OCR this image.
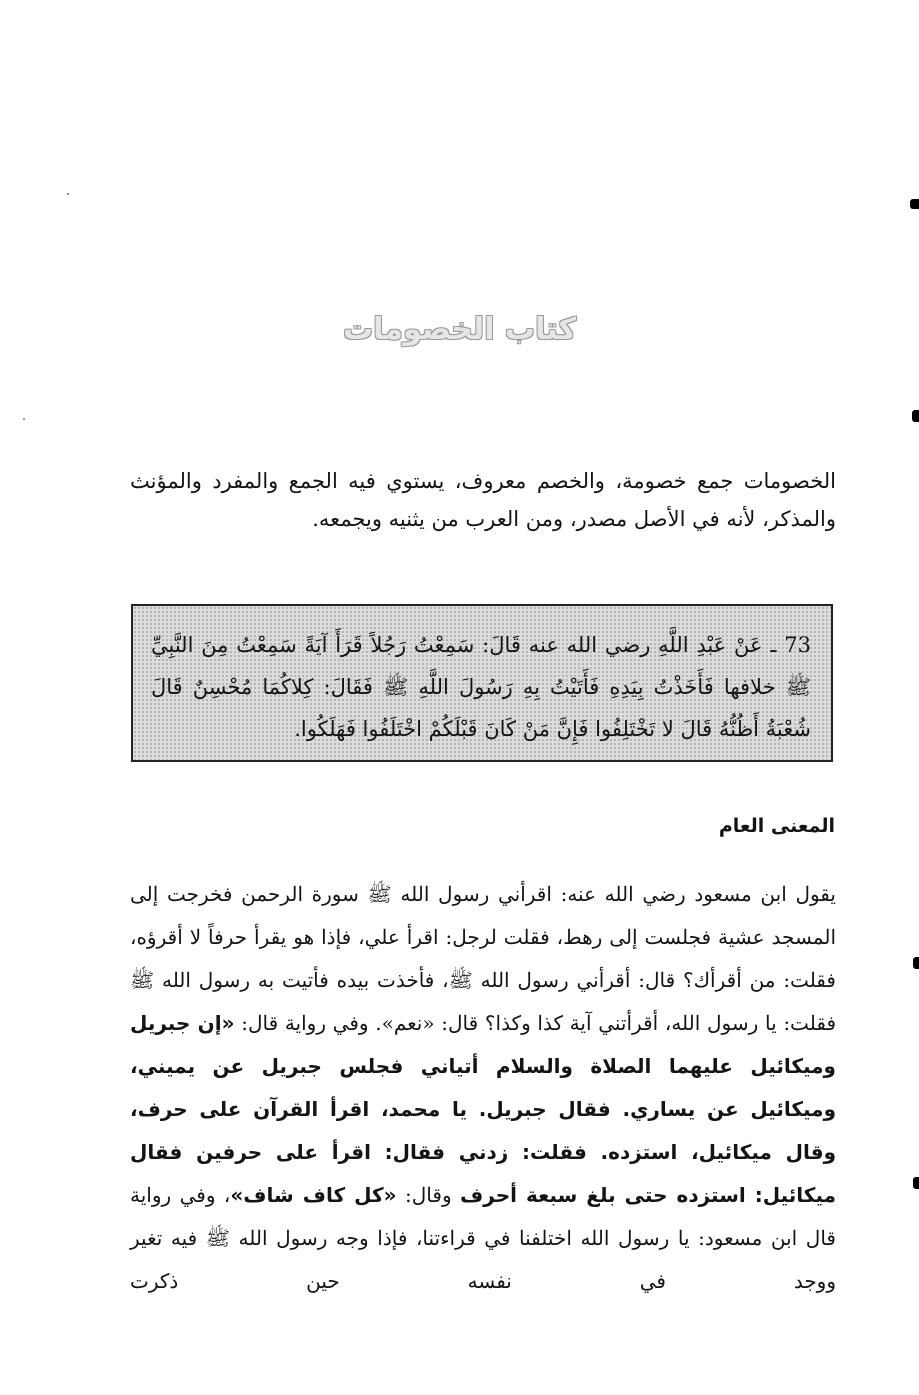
كتاب الخصومات

الخصومات جمع خصومة، والخصم معروف، يستوي فيه الجمع والمفرد والمؤنث والمذكر، لأنه في الأصل مصدر، ومن العرب من يثنيه ويجمعه.

73 ـ عَنْ عَبْدِ اللَّهِ رضي الله عنه قَالَ: سَمِعْتُ رَجُلاً قَرَأَ آيَةً سَمِعْتُ مِنَ النَّبِيِّ ﷺ خلافها فَأَخَذْتُ بِيَدِهِ فَأَتَيْتُ بِهِ رَسُولَ اللَّهِ ﷺ فَقَالَ: كِلاكُمَا مُحْسِنٌ قَالَ شُعْبَةُ أَظُنُّهُ قَالَ لا تَخْتَلِفُوا فَإِنَّ مَنْ كَانَ قَبْلَكُمْ اخْتَلَفُوا فَهَلَكُوا.

المعنى العام

يقول ابن مسعود رضي الله عنه: اقرأني رسول الله ﷺ سورة الرحمن فخرجت إلى المسجد عشية فجلست إلى رهط، فقلت لرجل: اقرأ علي، فإذا هو يقرأ حرفاً لا أقرؤه، فقلت: من أقرأك؟ قال: أقرأني رسول الله ﷺ، فأخذت بيده فأتيت به رسول الله ﷺ فقلت: يا رسول الله، أقرأتني آية كذا وكذا؟ قال: «نعم». وفي رواية قال: «إن جبريل وميكائيل عليهما الصلاة والسلام أتياني فجلس جبريل عن يميني، وميكائيل عن يساري. فقال جبريل. يا محمد، اقرأ القرآن على حرف، وقال ميكائيل، استزده. فقلت: زدني فقال: اقرأ على حرفين فقال ميكائيل: استزده حتى بلغ سبعة أحرف وقال: «كل كاف شاف»، وفي رواية قال ابن مسعود: يا رسول الله اختلفنا في قراءتنا، فإذا وجه رسول الله ﷺ فيه تغير ووجد في نفسه حين ذكرت
